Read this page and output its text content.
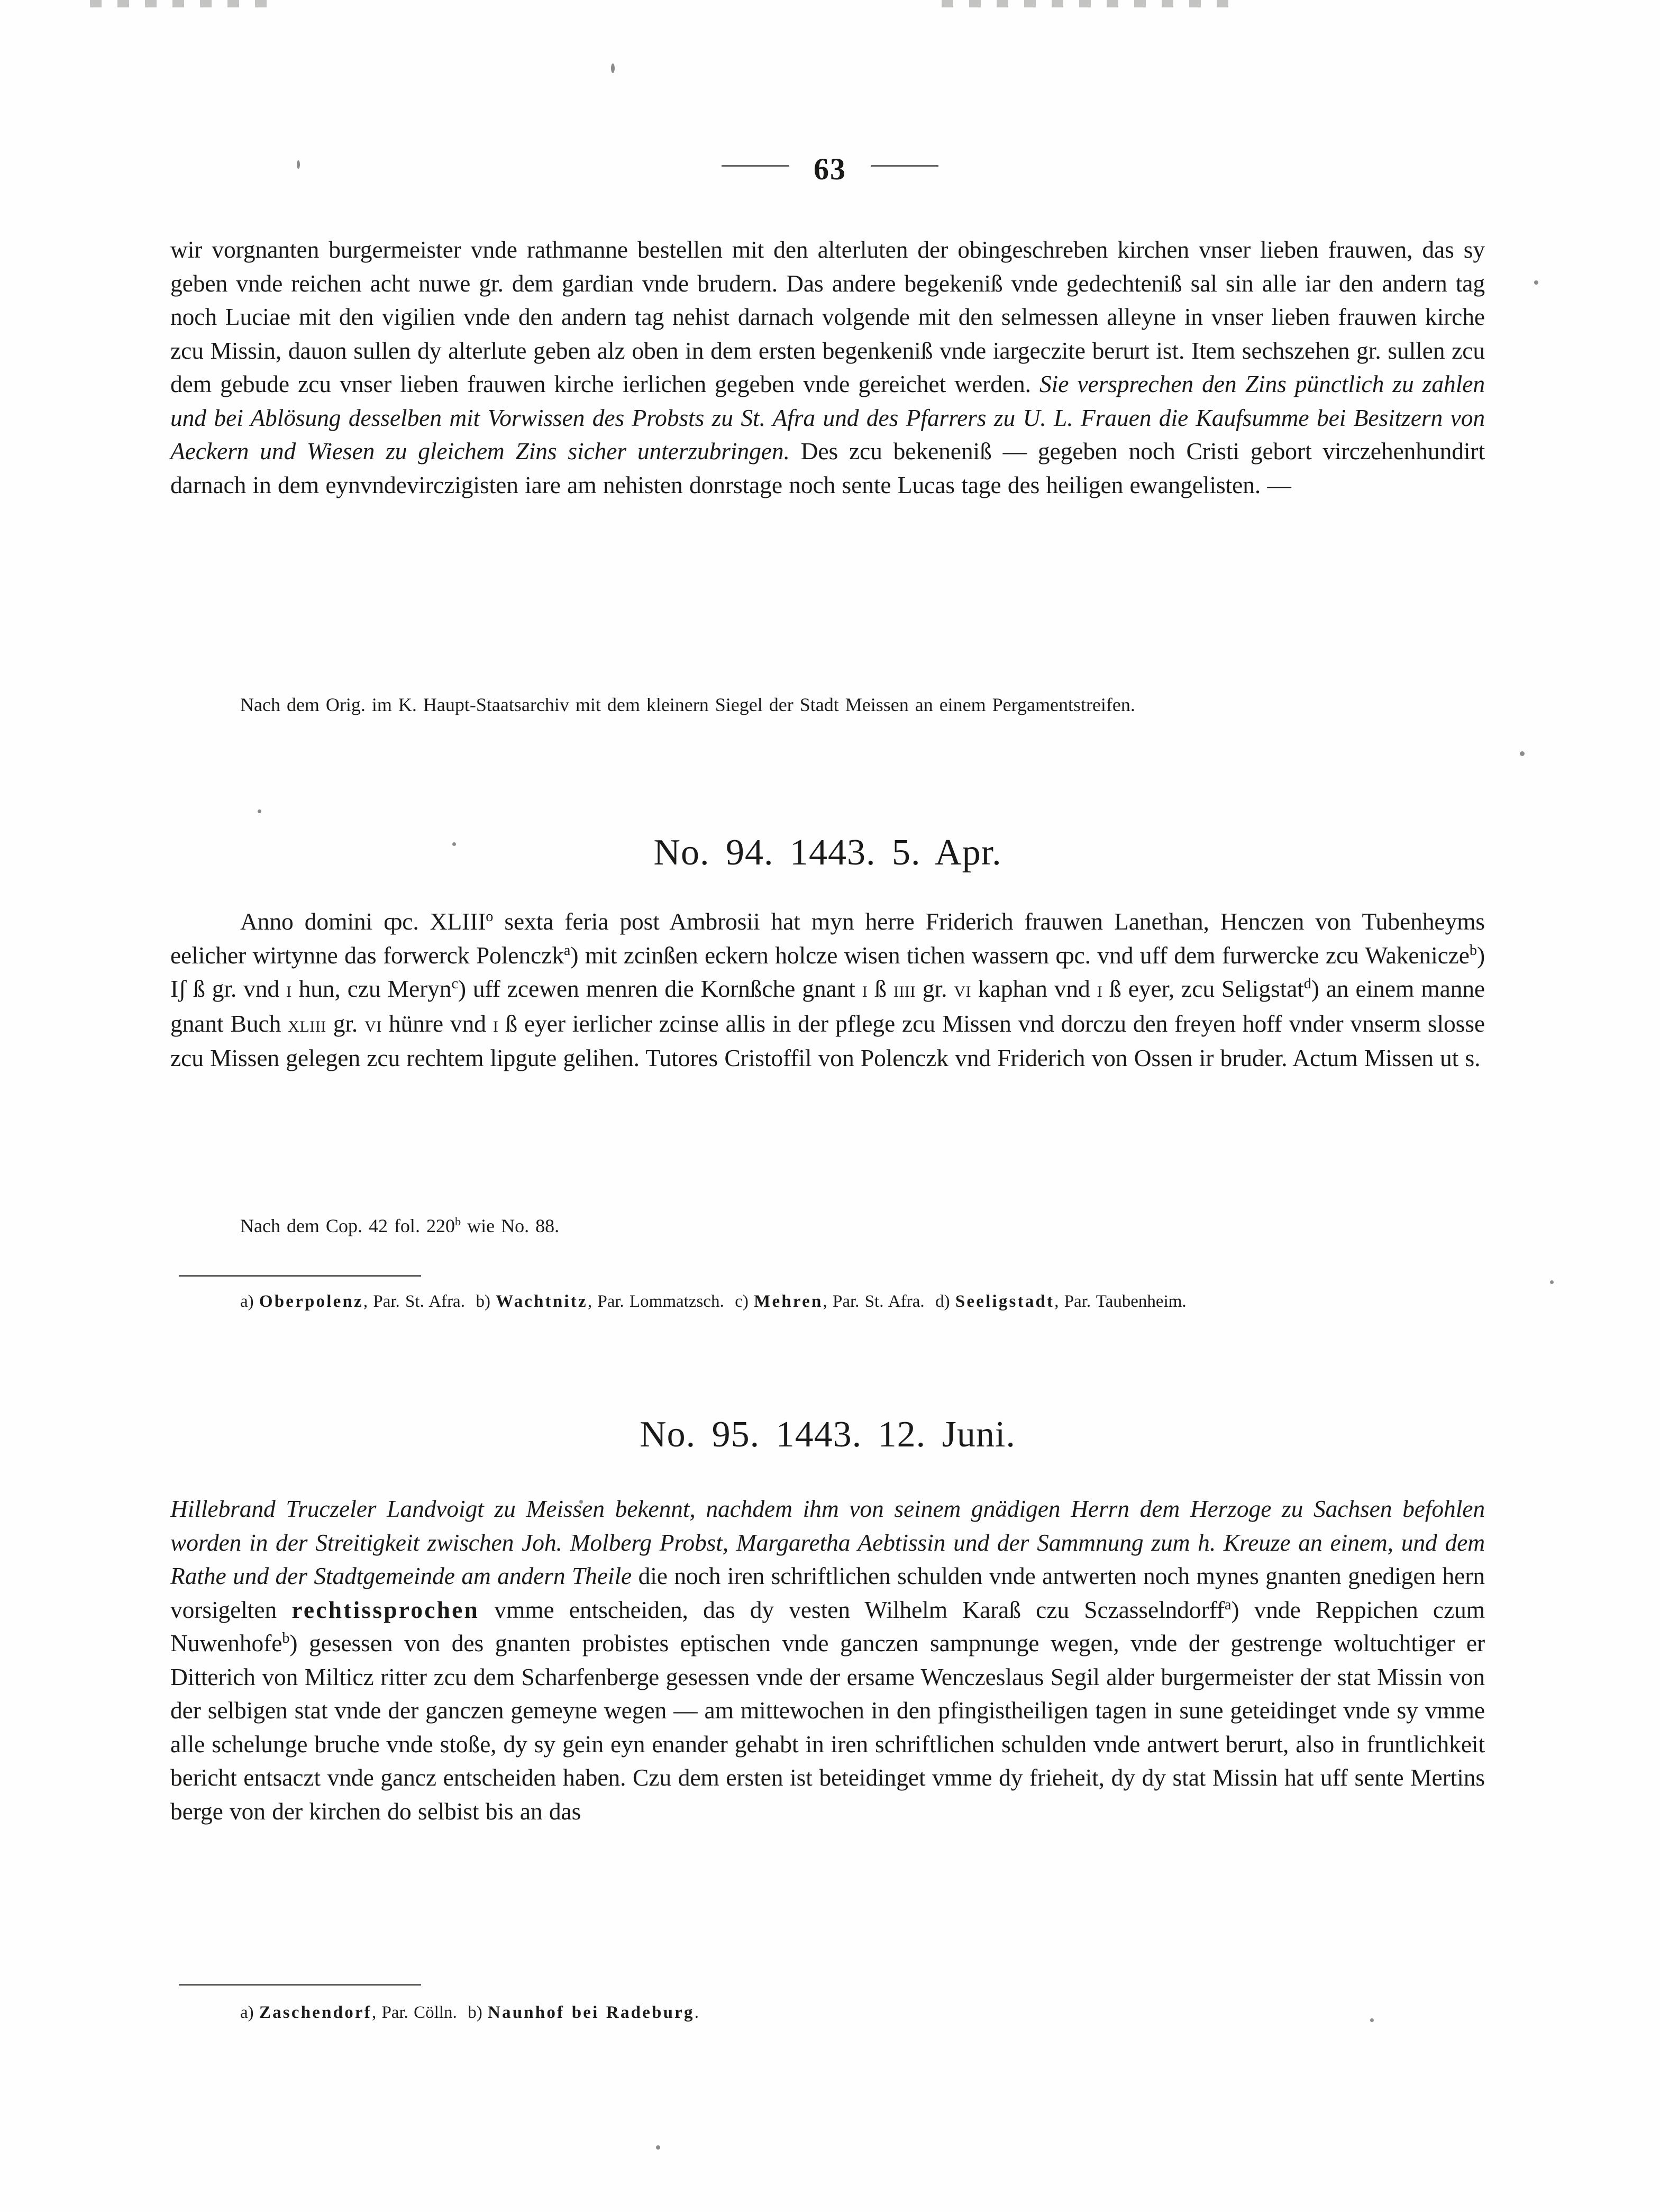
63

wir vorgnanten burgermeister vnde rathmanne bestellen mit den alterluten der obingeschreben kirchen vnser lieben frauwen, das sy geben vnde reichen acht nuwe gr. dem gardian vnde brudern. Das andere begekeniß vnde gedechteniß sal sin alle iar den andern tag noch Luciae mit den vigilien vnde den andern tag nehist darnach volgende mit den selmessen alleyne in vnser lieben frauwen kirche zcu Missin, dauon sullen dy alterlute geben alz oben in dem ersten begenkeniß vnde iargeczite berurt ist. Item sechszehen gr. sullen zcu dem gebude zcu vnser lieben frauwen kirche ierlichen gegeben vnde gereichet werden. Sie versprechen den Zins pünctlich zu zahlen und bei Ablösung desselben mit Vorwissen des Probsts zu St. Afra und des Pfarrers zu U. L. Frauen die Kaufsumme bei Besitzern von Aeckern und Wiesen zu gleichem Zins sicher unterzubringen. Des zcu bekeneniß — gegeben noch Cristi gebort virczehenhundirt darnach in dem eynvndevirczigisten iare am nehisten donrstage noch sente Lucas tage des heiligen ewangelisten. —

Nach dem Orig. im K. Haupt-Staatsarchiv mit dem kleinern Siegel der Stadt Meissen an einem Pergamentstreifen.

No. 94. 1443. 5. Apr.

Anno domini ȹc. XLIII$^o$ sexta feria post Ambrosii hat myn herre Friderich frauwen Lanethan, Henczen von Tubenheyms eelicher wirtynne das forwerck Polenczk$^a$) mit zcinßen eckern holcze wisen tichen wassern ȹc. vnd uff dem furwercke zcu Wakenicze$^b$) Iʃ ß gr. vnd i hun, czu Meryn$^c$) uff zcewen menren die Kornßche gnant i ß iiii gr. vi kaphan vnd i ß eyer, zcu Seligstat$^d$) an einem manne gnant Buch xliii gr. vi hünre vnd i ß eyer ierlicher zcinse allis in der pflege zcu Missen vnd dorczu den freyen hoff vnder vnserm slosse zcu Missen gelegen zcu rechtem lipgute gelihen. Tutores Cristoffil von Polenczk vnd Friderich von Ossen ir bruder. Actum Missen ut s.

Nach dem Cop. 42 fol. 220$^b$ wie No. 88.

a) Oberpolenz, Par. St. Afra. b) Wachtnitz, Par. Lommatzsch. c) Mehren, Par. St. Afra. d) Seeligstadt, Par. Taubenheim.

No. 95. 1443. 12. Juni.

Hillebrand Truczeler Landvoigt zu Meissen bekennt, nachdem ihm von seinem gnädigen Herrn dem Herzoge zu Sachsen befohlen worden in der Streitigkeit zwischen Joh. Molberg Probst, Margaretha Aebtissin und der Sammnung zum h. Kreuze an einem, und dem Rathe und der Stadtgemeinde am andern Theile die noch iren schriftlichen schulden vnde antwerten noch mynes gnanten gnedigen hern vorsigelten rechtissprochen vmme entscheiden, das dy vesten Wilhelm Karaß czu Sczasselndorff$^a$) vnde Reppichen czum Nuwenhofe$^b$) gesessen von des gnanten probistes eptischen vnde ganczen sampnunge wegen, vnde der gestrenge woltuchtiger er Ditterich von Milticz ritter zcu dem Scharfenberge gesessen vnde der ersame Wenczeslaus Segil alder burgermeister der stat Missin von der selbigen stat vnde der ganczen gemeyne wegen — am mittewochen in den pfingistheiligen tagen in sune geteidinget vnde sy vmme alle schelunge bruche vnde stoße, dy sy gein eyn enander gehabt in iren schriftlichen schulden vnde antwert berurt, also in fruntlichkeit bericht entsaczt vnde gancz entscheiden haben. Czu dem ersten ist beteidinget vmme dy frieheit, dy dy stat Missin hat uff sente Mertins berge von der kirchen do selbist bis an das

a) Zaschendorf, Par. Cölln. b) Naunhof bei Radeburg.
